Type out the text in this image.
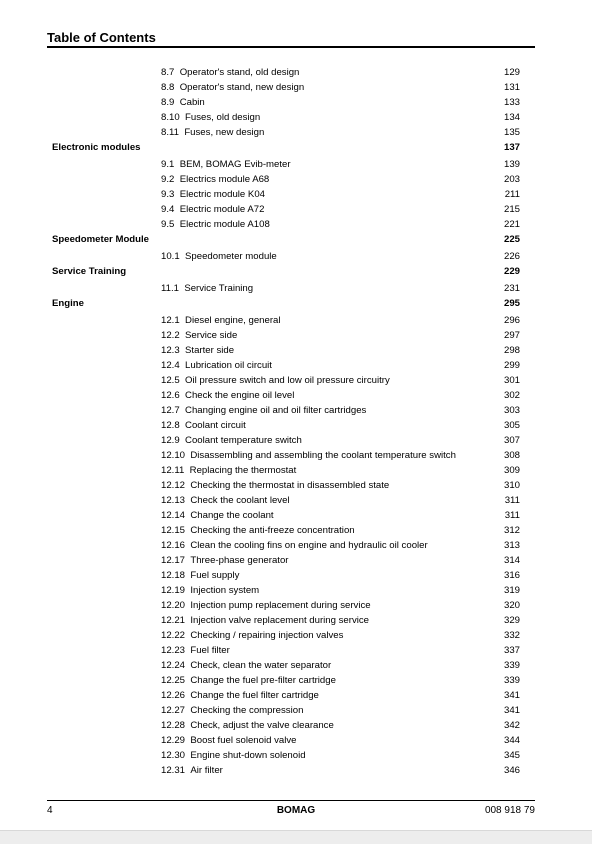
Table of Contents
8.7 Operator's stand, old design	129
8.8 Operator's stand, new design	131
8.9 Cabin	133
8.10 Fuses, old design	134
8.11 Fuses, new design	135
Electronic modules	137
9.1 BEM, BOMAG Evib-meter	139
9.2 Electrics module A68	203
9.3 Electric module K04	211
9.4 Electric module A72	215
9.5 Electric module A108	221
Speedometer Module	225
10.1 Speedometer module	226
Service Training	229
11.1 Service Training	231
Engine	295
12.1 Diesel engine, general	296
12.2 Service side	297
12.3 Starter side	298
12.4 Lubrication oil circuit	299
12.5 Oil pressure switch and low oil pressure circuitry	301
12.6 Check the engine oil level	302
12.7 Changing engine oil and oil filter cartridges	303
12.8 Coolant circuit	305
12.9 Coolant temperature switch	307
12.10 Disassembling and assembling the coolant temperature switch	308
12.11 Replacing the thermostat	309
12.12 Checking the thermostat in disassembled state	310
12.13 Check the coolant level	311
12.14 Change the coolant	311
12.15 Checking the anti-freeze concentration	312
12.16 Clean the cooling fins on engine and hydraulic oil cooler	313
12.17 Three-phase generator	314
12.18 Fuel supply	316
12.19 Injection system	319
12.20 Injection pump replacement during service	320
12.21 Injection valve replacement during service	329
12.22 Checking / repairing injection valves	332
12.23 Fuel filter	337
12.24 Check, clean the water separator	339
12.25 Change the fuel pre-filter cartridge	339
12.26 Change the fuel filter cartridge	341
12.27 Checking the compression	341
12.28 Check, adjust the valve clearance	342
12.29 Boost fuel solenoid valve	344
12.30 Engine shut-down solenoid	345
12.31 Air filter	346
4	BOMAG	008 918 79
